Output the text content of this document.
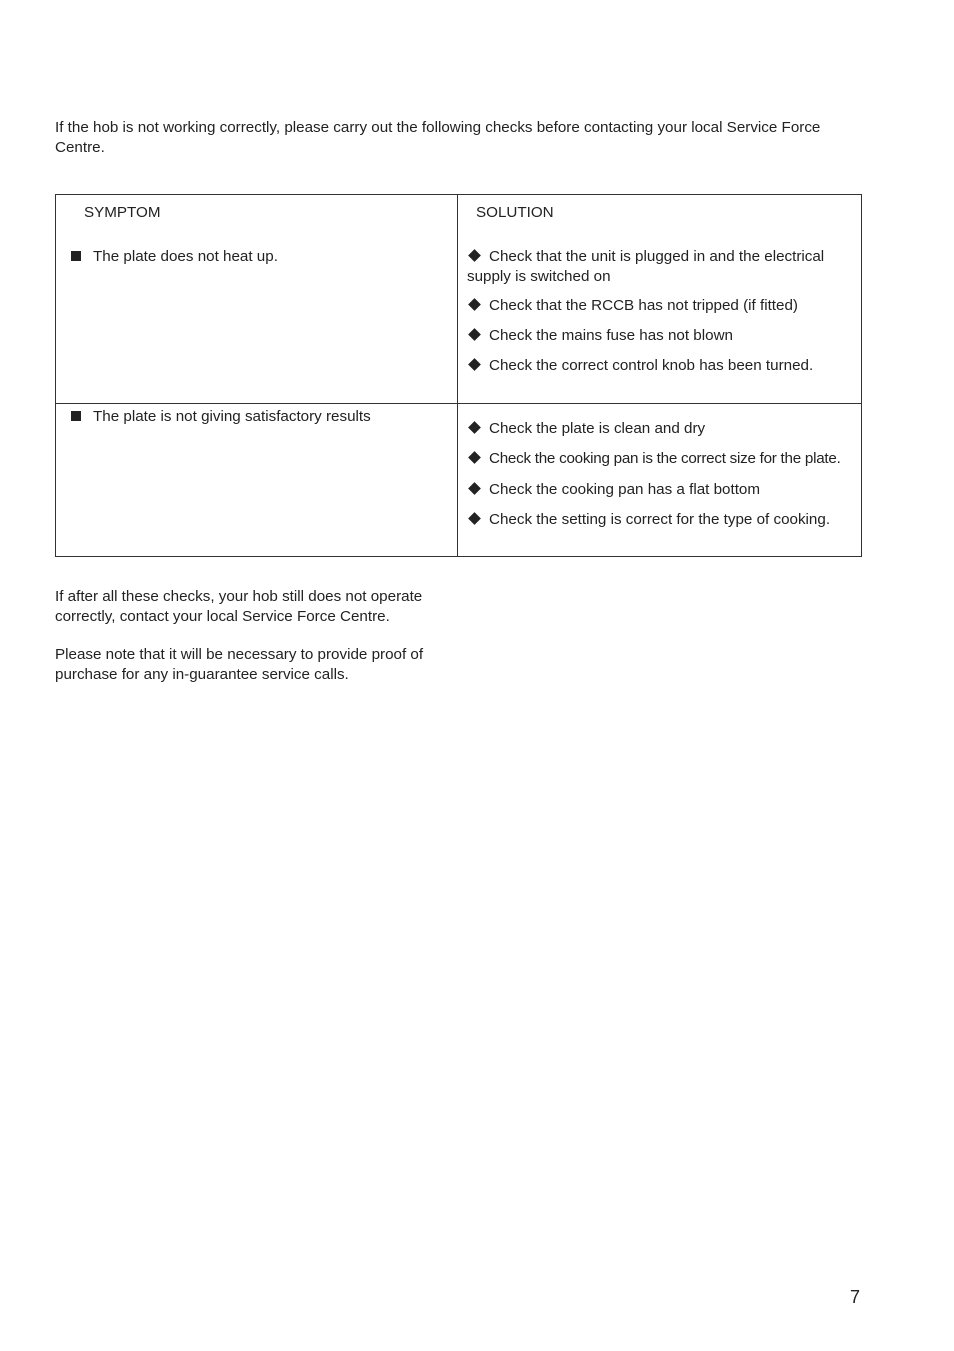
If the hob is not working correctly, please carry out the following checks before contacting your local Service Force Centre.

SYMPTOM	SOLUTION
The plate does not heat up.	Check that the unit is plugged in and the electrical supply is switched on
Check that the RCCB has not tripped (if fitted)
Check the mains fuse has not blown
Check the correct control knob has been turned.
The plate is not giving satisfactory results
Check the plate is clean and dry
Check the cooking pan is the correct size for the plate.
Check the cooking pan has a flat bottom
Check the setting is correct for the type of cooking.

If after all these checks, your hob still does not operate correctly, contact your local Service Force Centre.

Please note that it will be necessary to provide proof of purchase for any in-guarantee service calls.

7
